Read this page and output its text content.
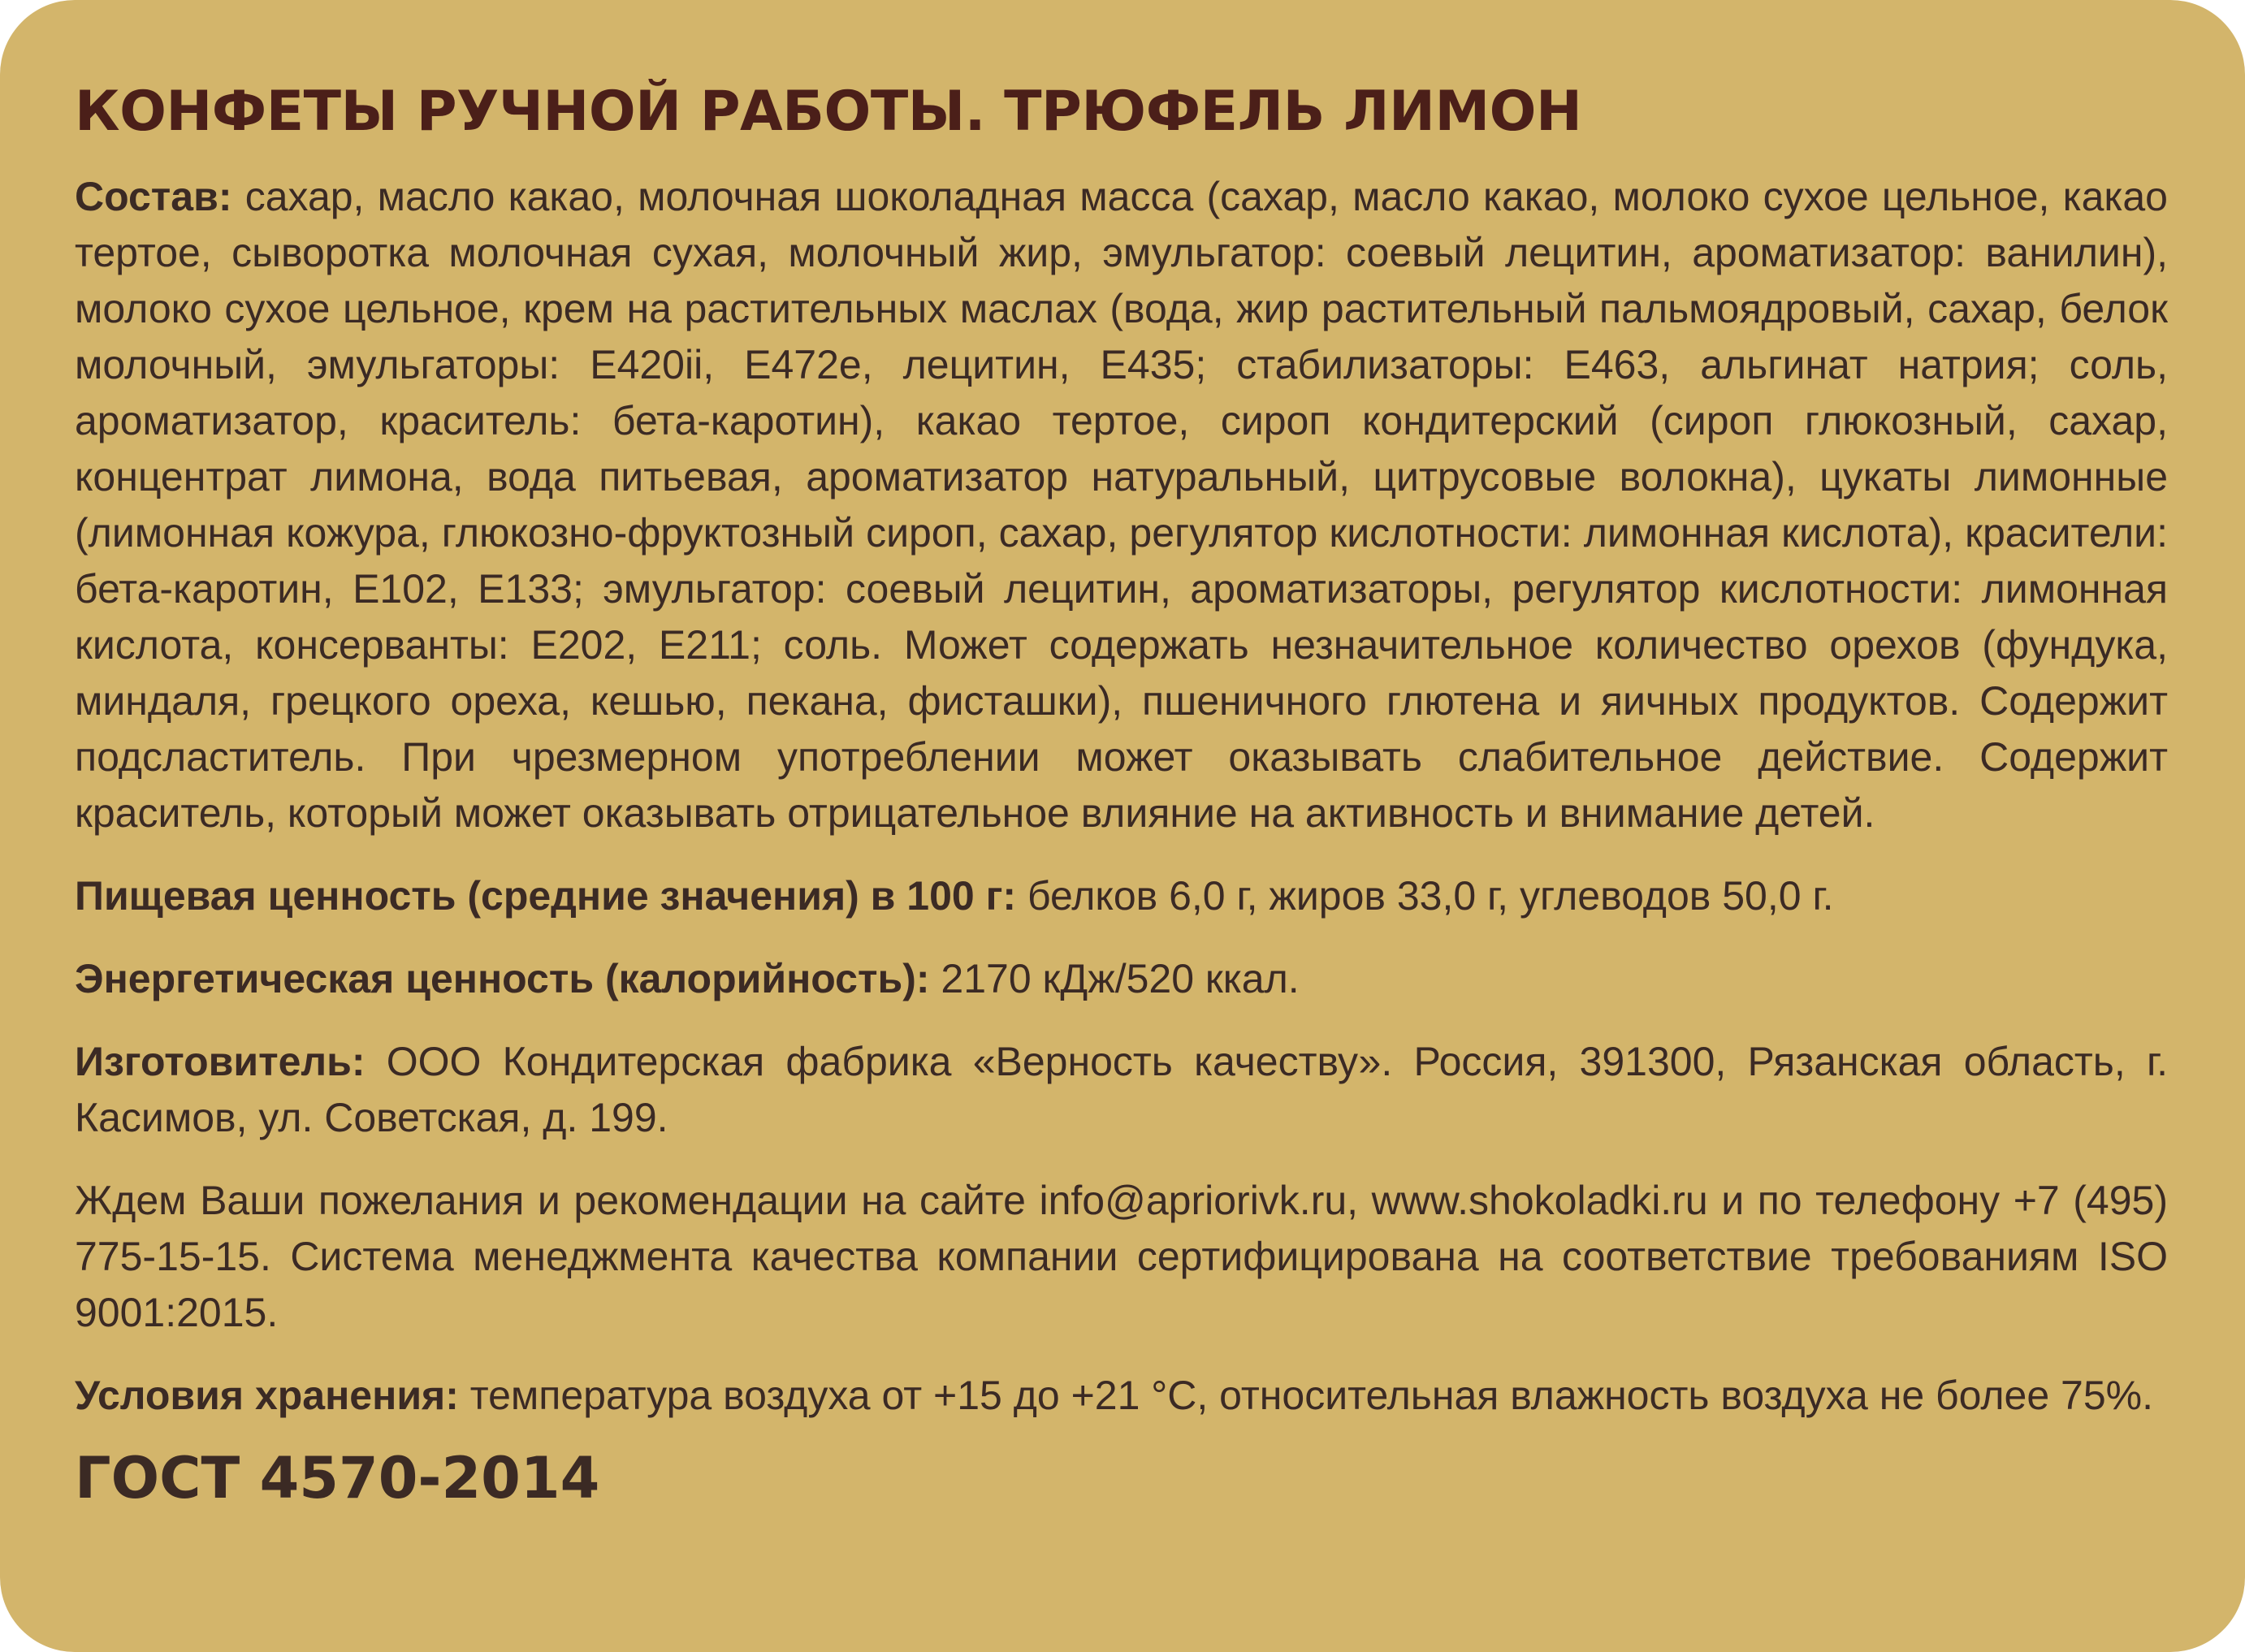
КОНФЕТЫ РУЧНОЙ РАБОТЫ. ТРЮФЕЛЬ ЛИМОН

Состав: сахар, масло какао, молочная шоколадная масса (сахар, масло какао, молоко сухое цельное, какао тертое, сыворотка молочная сухая, молочный жир, эмульгатор: соевый лецитин, ароматизатор: ванилин), молоко сухое цельное, крем на растительных маслах (вода, жир растительный пальмоядровый, сахар, белок молочный, эмульгаторы: Е420ii, Е472е, лецитин, Е435; стабилизаторы: Е463, альгинат натрия; соль, ароматизатор, краситель: бета-каротин), какао тертое, сироп кондитерский (сироп глюкозный, сахар, концентрат лимона, вода питьевая, ароматизатор натуральный, цитрусовые волокна), цукаты лимонные (лимонная кожура, глюкозно-фруктозный сироп, сахар, регулятор кислотности: лимонная кислота), красители: бета-каротин, Е102, Е133; эмульгатор: соевый лецитин, ароматизаторы, регулятор кислотности: лимонная кислота, консерванты: Е202, Е211; соль. Может содержать незначительное количество орехов (фундука, миндаля, грецкого ореха, кешью, пекана, фисташки), пшеничного глютена и яичных продуктов. Содержит подсластитель. При чрезмерном употреблении может оказывать слабительное действие. Содержит краситель, который может оказывать отрицательное влияние на активность и внимание детей.

Пищевая ценность (средние значения) в 100 г: белков 6,0 г, жиров 33,0 г, углеводов 50,0 г.

Энергетическая ценность (калорийность): 2170 кДж/520 ккал.

Изготовитель: ООО Кондитерская фабрика «Верность качеству». Россия, 391300, Рязанская область, г. Касимов, ул. Советская, д. 199.

Ждем Ваши пожелания и рекомендации на сайте info@apriorivk.ru, www.shokoladki.ru и по телефону +7 (495) 775-15-15. Система менеджмента качества компании сертифицирована на соответствие требованиям ISO 9001:2015.

Условия хранения: температура воздуха от +15 до +21 °С, относительная влажность воздуха не более 75%.

ГОСТ 4570-2014
